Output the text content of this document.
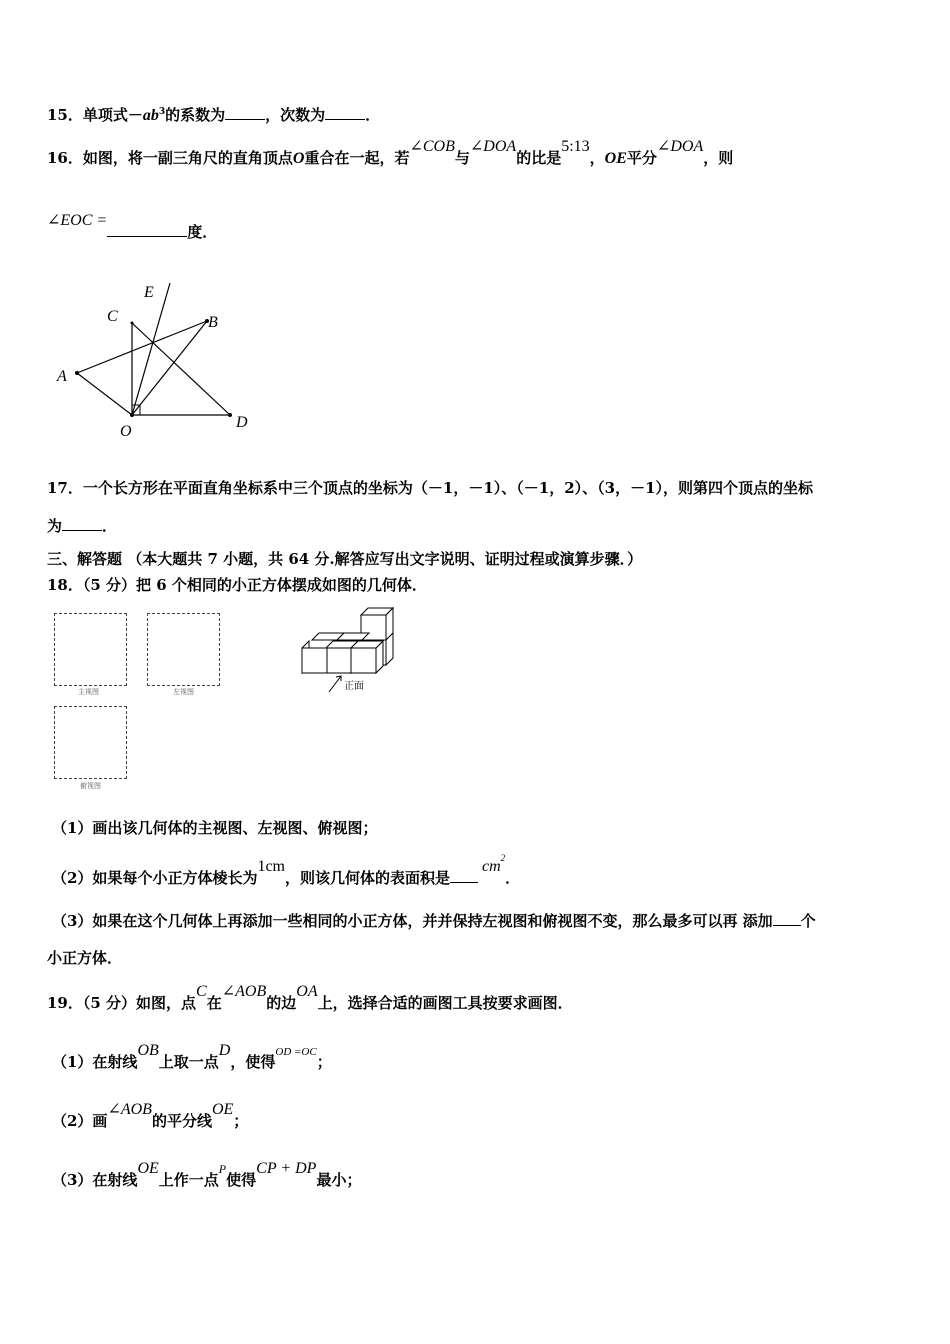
15．单项式$-ab^3$的系数为	，次数为	．
16．如图，将一副三角尺的直角顶点O重合在一起，若∠COB与∠DOA的比是5:13，OE平分∠DOA，则
∠EOC =度．
E
C	B
A
O
D
17．一个长方形在平面直角坐标系中三个顶点的坐标为（－1，－1）、（－1，2）、（3，－1），则第四个顶点的坐标
为	．
三、解答题 （本大题共 7 小题，共 64 分.解答应写出文字说明、证明过程或演算步骤．）
18．（5 分）把 6 个相同的小正方体摆成如图的几何体．
主视图	左视图
俯视图
正面
（1）画出该几何体的主视图、左视图、俯视图；
（2）如果每个小正方体棱长为1cm，则该几何体的表面积是$cm^2$．
（3）如果在这个几何体上再添加一些相同的小正方体，并并保持左视图和俯视图不变，那么最多可以再 添加 个
小正方体．
19．（5 分）如图，点C在∠AOB的边OA上，选择合适的画图工具按要求画图．
（1）在射线OB上取一点D，使得$^{OD =OC}$；
（2）画∠AOB的平分线OE；
（3）在射线OE上作一点$^P$使得CP + DP最小；
